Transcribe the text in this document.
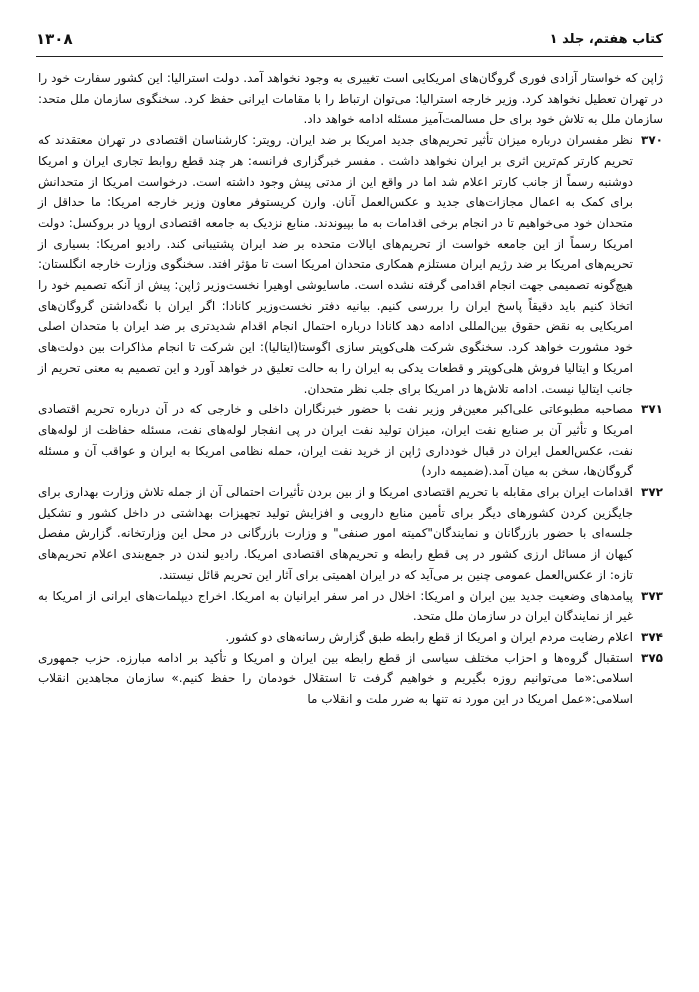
کتاب هفتم، جلد ۱
۱۳۰۸

ژاپن که خواستار آزادی فوری گروگان‌های امریکایی است تغییری به وجود نخواهد آمد. دولت استرالیا: این کشور سفارت خود را در تهران تعطیل نخواهد کرد. وزیر خارجه استرالیا: می‌توان ارتباط را با مقامات ایرانی حفظ کرد. سخنگوی سازمان ملل متحد: سازمان ملل به تلاش خود برای حل مسالمت‌آمیز مسئله ادامه خواهد داد.

۳۷۰

نظر مفسران درباره میزان تأثیر تحریم‌های جدید امریکا بر ضد ایران. رویتر: کارشناسان اقتصادی در تهران معتقدند که تحریم کارتر کم‌ترین اثری بر ایران نخواهد داشت . مفسر خبرگزاری فرانسه: هر چند قطع روابط تجاری ایران و امریکا دوشنبه رسماً از جانب کارتر اعلام شد اما در واقع این از مدتی پیش وجود داشته است. درخواست امریکا از متحدانش برای کمک به اعمال مجازات‌های جدید و عکس‌العمل آنان. وارن کریستوفر معاون وزیر خارجه امریکا: ما حداقل از متحدان خود می‌خواهیم تا در انجام برخی اقدامات به ما بپیوندند. منابع نزدیک به جامعه اقتصادی اروپا در بروکسل: دولت امریکا رسماً از این جامعه خواست از تحریم‌های ایالات متحده بر ضد ایران پشتیبانی کند. رادیو امریکا: بسیاری از تحریم‌های امریکا بر ضد رژیم ایران مستلزم همکاری متحدان امریکا است تا مؤثر افتد. سخنگوی وزارت خارجه انگلستان: هیچ‌گونه تصمیمی جهت انجام اقدامی گرفته نشده است. ماسایوشی اوهیرا نخست‌وزیر ژاپن: پیش از آنکه تصمیم خود را اتخاذ کنیم باید دقیقاً پاسخ ایران را بررسی کنیم. بیانیه دفتر نخست‌وزیر کانادا: اگر ایران با نگه‌داشتن گروگان‌های امریکایی به نقض حقوق بین‌المللی ادامه دهد کانادا درباره احتمال انجام اقدام شدیدتری بر ضد ایران با متحدان اصلی خود مشورت خواهد کرد. سخنگوی شرکت هلی‌کوپتر سازی اگوستا(ایتالیا): این شرکت تا انجام مذاکرات بین دولت‌های امریکا و ایتالیا فروش هلی‌کوپتر و قطعات یدکی به ایران را به حالت تعلیق در خواهد آورد و این تصمیم به معنی تحریم از جانب ایتالیا نیست. ادامه تلاش‌ها در امریکا برای جلب نظر متحدان.

۳۷۱

مصاحبه مطبوعاتی علی‌اکبر معین‌فر وزیر نفت با حضور خبرنگاران داخلی و خارجی که در آن درباره تحریم اقتصادی امریکا و تأثیر آن بر صنایع نفت ایران، میزان تولید نفت ایران در پی انفجار لوله‌های نفت، مسئله حفاظت از لوله‌های نفت، عکس‌العمل ایران در قبال خودداری ژاپن از خرید نفت ایران، حمله نظامی امریکا به ایران و عواقب آن و مسئله گروگان‌ها، سخن به میان آمد.(ضمیمه دارد)

۳۷۲

اقدامات ایران برای مقابله با تحریم اقتصادی امریکا و از بین بردن تأثیرات احتمالی آن از جمله تلاش وزارت بهداری برای جایگزین کردن کشورهای دیگر برای تأمین منابع دارویی و افزایش تولید تجهیزات بهداشتی در داخل کشور و تشکیل جلسه‌ای با حضور بازرگانان و نمایندگان"کمیته امور صنفی" و وزارت بازرگانی در محل این وزارتخانه. گزارش مفصل کیهان از مسائل ارزی کشور در پی قطع رابطه و تحریم‌های اقتصادی امریکا. رادیو لندن در جمع‌بندی اعلام تحریم‌های تازه: از عکس‌العمل عمومی چنین بر می‌آید که در ایران اهمیتی برای آثار این تحریم قائل نیستند.

۳۷۳

پیامدهای وضعیت جدید بین ایران و امریکا: اخلال در امر سفر ایرانیان به امریکا. اخراج دیپلمات‌های ایرانی از امریکا به غیر از نمایندگان ایران در سازمان ملل متحد.

۳۷۴

اعلام رضایت مردم ایران و امریکا از قطع رابطه طبق گزارش رسانه‌های دو کشور.

۳۷۵

استقبال گروه‌ها و احزاب مختلف سیاسی از قطع رابطه بین ایران و امریکا و تأکید بر ادامه مبارزه. حزب جمهوری اسلامی:«ما می‌توانیم روزه بگیریم و خواهیم گرفت تا استقلال خودمان را حفظ کنیم.» سازمان مجاهدین انقلاب اسلامی:«عمل امریکا در این مورد نه تنها به ضرر ملت و انقلاب ما
